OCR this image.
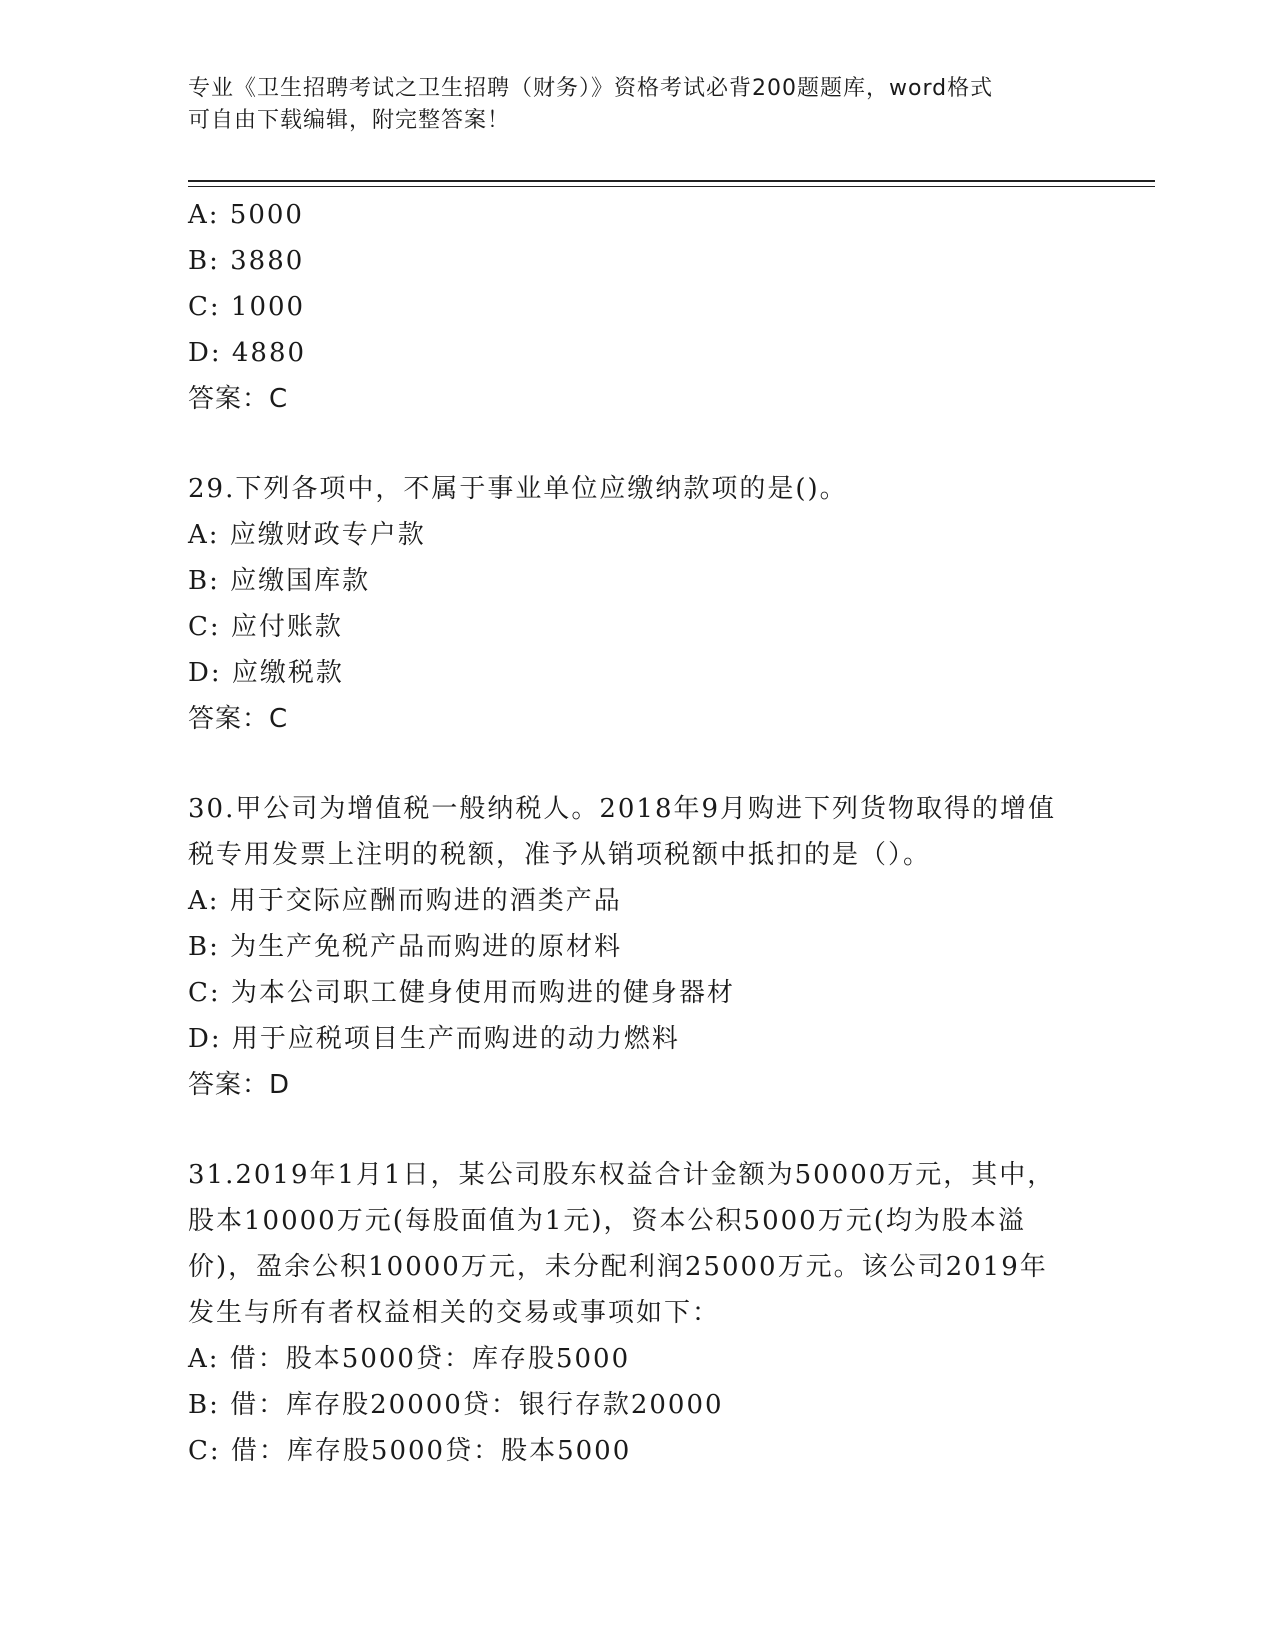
专业《卫生招聘考试之卫生招聘（财务）》资格考试必背200题题库，word格式
可自由下载编辑，附完整答案！
A: 5000
B: 3880
C: 1000
D: 4880
答案：C
29.下列各项中，不属于事业单位应缴纳款项的是()。
A: 应缴财政专户款
B: 应缴国库款
C: 应付账款
D: 应缴税款
答案：C
30.甲公司为增值税一般纳税人。2018年9月购进下列货物取得的增值
税专用发票上注明的税额，准予从销项税额中抵扣的是（）。
A: 用于交际应酬而购进的酒类产品
B: 为生产免税产品而购进的原材料
C: 为本公司职工健身使用而购进的健身器材
D: 用于应税项目生产而购进的动力燃料
答案：D
31.2019年1月1日，某公司股东权益合计金额为50000万元，其中，
股本10000万元(每股面值为1元)，资本公积5000万元(均为股本溢
价)，盈余公积10000万元，未分配利润25000万元。该公司2019年
发生与所有者权益相关的交易或事项如下：
A: 借：股本5000贷：库存股5000
B: 借：库存股20000贷：银行存款20000
C: 借：库存股5000贷：股本5000
